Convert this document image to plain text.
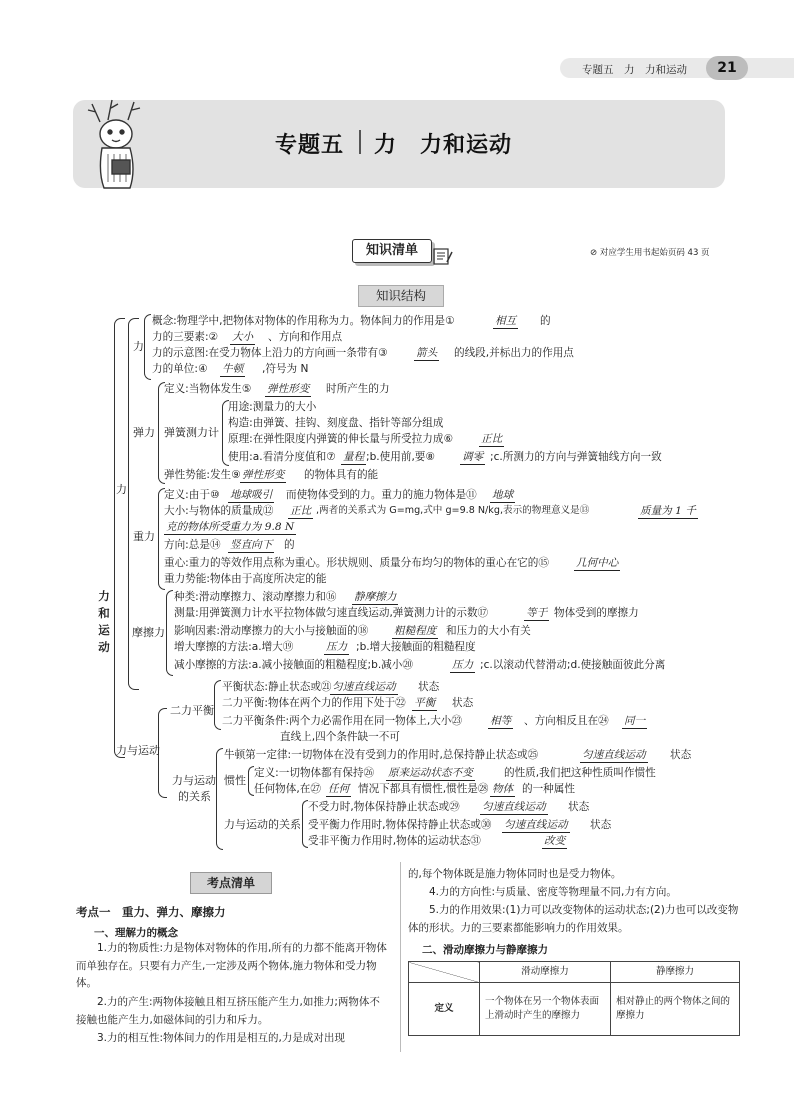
专题五　力　力和运动	21
专题五 力　力和运动
知识清单	⊘ 对应学生用书起始页码 43 页
知识结构
力和运动
力
力
概念:物理学中,把物体对物体的作用称为力。物体间力的作用是①	相互 的
力的三要素:② 大小 、方向和作用点
力的示意图:在受力物体上沿力的方向画一条带有③	箭头 的线段,并标出力的作用点
力的单位:④ 牛顿 ,符号为 N
弹力
定义:当物体发生⑤ 弹性形变 时所产生的力
弹簧测力计
用途:测量力的大小
构造:由弹簧、挂钩、刻度盘、指针等部分组成
原理:在弹性限度内弹簧的伸长量与所受拉力成⑥	正比
使用:a.看清分度值和⑦ 量程 ;b.使用前,要⑧	调零 ;c.所测力的方向与弹簧轴线方向一致
弹性势能:发生⑨ 弹性形变 的物体具有的能
重力
定义:由于⑩ 地球吸引 而使物体受到的力。重力的施力物体是⑪ 地球
大小:与物体的质量成⑫ 正比 ,两者的关系式为 G=mg,式中 g=9.8 N/kg,表示的物理意义是⑬	质量为 1 千
克的物体所受重力为 9.8 N
方向:总是⑭ 竖直向下 的
重心:重力的等效作用点称为重心。形状规则、质量分布均匀的物体的重心在它的⑮	几何中心
重力势能:物体由于高度所决定的能
摩擦力
种类:滑动摩擦力、滚动摩擦力和⑯ 静摩擦力
测量:用弹簧测力计水平拉物体做匀速直线运动,弹簧测力计的示数⑰	等于 物体受到的摩擦力
影响因素:滑动摩擦力的大小与接触面的⑱ 粗糙程度 和压力的大小有关
增大摩擦的方法:a.增大⑲	压力 ;b.增大接触面的粗糙程度
减小摩擦的方法:a.减小接触面的粗糙程度;b.减小⑳	压力 ;c.以滚动代替滑动;d.使接触面彼此分离
力与运动
二力平衡
平衡状态:静止状态或㉑ 匀速直线运动 状态
二力平衡:物体在两个力的作用下处于㉒ 平衡 状态
二力平衡条件:两个力必需作用在同一物体上,大小㉓	相等 、方向相反且在㉔ 同一
直线上,四个条件缺一不可
力与运动
的关系
牛顿第一定律:一切物体在没有受到力的作用时,总保持静止状态或㉕	匀速直线运动 状态
惯性
定义:一切物体都有保持㉖ 原来运动状态不变	的性质,我们把这种性质叫作惯性
任何物体,在㉗ 任何 情况下都具有惯性,惯性是㉘ 物体 的一种属性
力与运动的关系
不受力时,物体保持静止状态或㉙ 匀速直线运动 状态
受平衡力作用时,物体保持静止状态或㉚ 匀速直线运动 状态
受非平衡力作用时,物体的运动状态㉛	改变
考点清单
考点一　重力、弹力、摩擦力
一、理解力的概念
1.力的物质性:力是物体对物体的作用,所有的力都不能离开物体而单独存在。只要有力产生,一定涉及两个物体,施力物体和受力物体。
2.力的产生:两物体接触且相互挤压能产生力,如推力;两物体不接触也能产生力,如磁体间的引力和斥力。
3.力的相互性:物体间力的作用是相互的,力是成对出现
的,每个物体既是施力物体同时也是受力物体。
4.力的方向性:与质量、密度等物理量不同,力有方向。
5.力的作用效果:(1)力可以改变物体的运动状态;(2)力也可以改变物体的形状。力的三要素都能影响力的作用效果。
二、滑动摩擦力与静摩擦力
	滑动摩擦力	静摩擦力
定义	一个物体在另一个物体表面上滑动时产生的摩擦力	相对静止的两个物体之间的摩擦力
